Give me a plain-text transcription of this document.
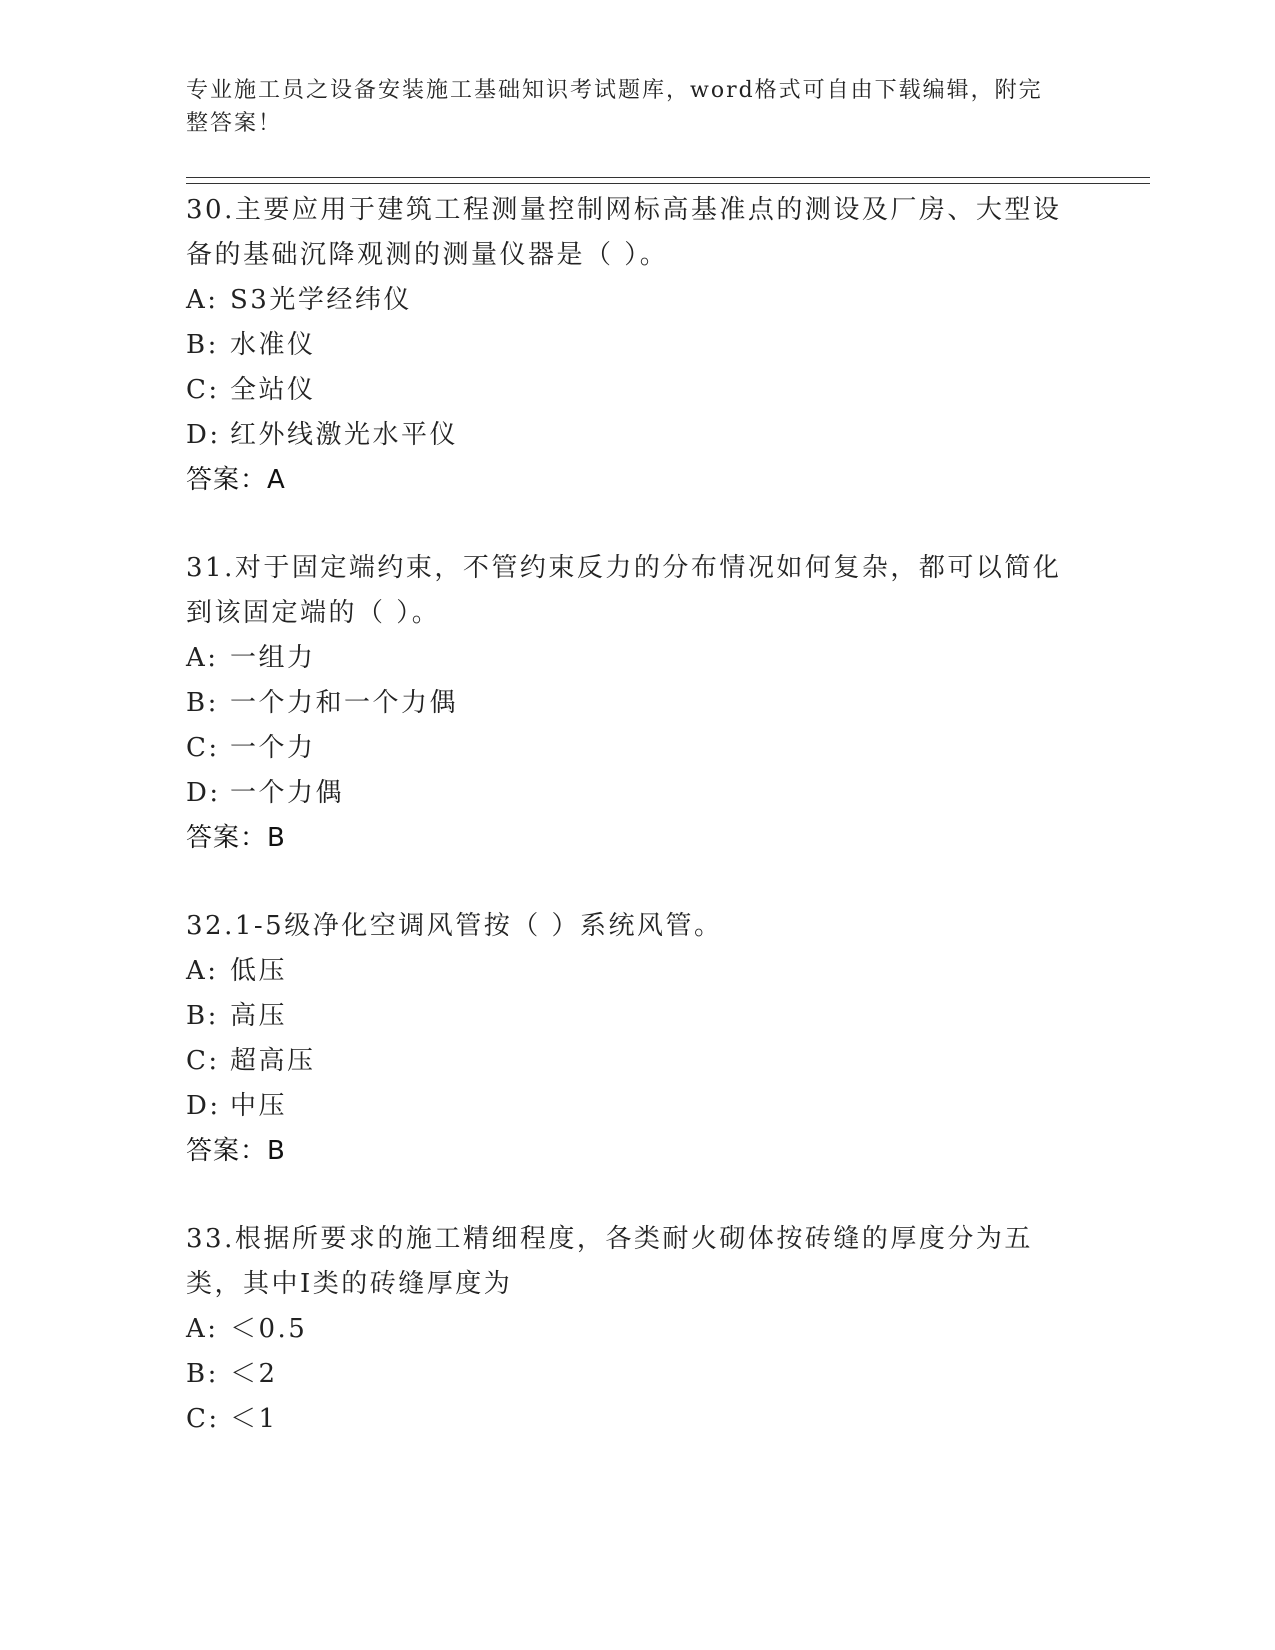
专业施工员之设备安装施工基础知识考试题库，word格式可自由下载编辑，附完整答案！

30.主要应用于建筑工程测量控制网标高基准点的测设及厂房、大型设备的基础沉降观测的测量仪器是（ ）。

A: S3光学经纬仪
B: 水准仪
C: 全站仪
D: 红外线激光水平仪
答案：A

31.对于固定端约束，不管约束反力的分布情况如何复杂，都可以简化到该固定端的（ ）。

A: 一组力
B: 一个力和一个力偶
C: 一个力
D: 一个力偶
答案：B

32.1-5级净化空调风管按（ ）系统风管。

A: 低压
B: 高压
C: 超高压
D: 中压
答案：B

33.根据所要求的施工精细程度，各类耐火砌体按砖缝的厚度分为五类，其中I类的砖缝厚度为

A: ＜0.5
B: ＜2
C: ＜1
